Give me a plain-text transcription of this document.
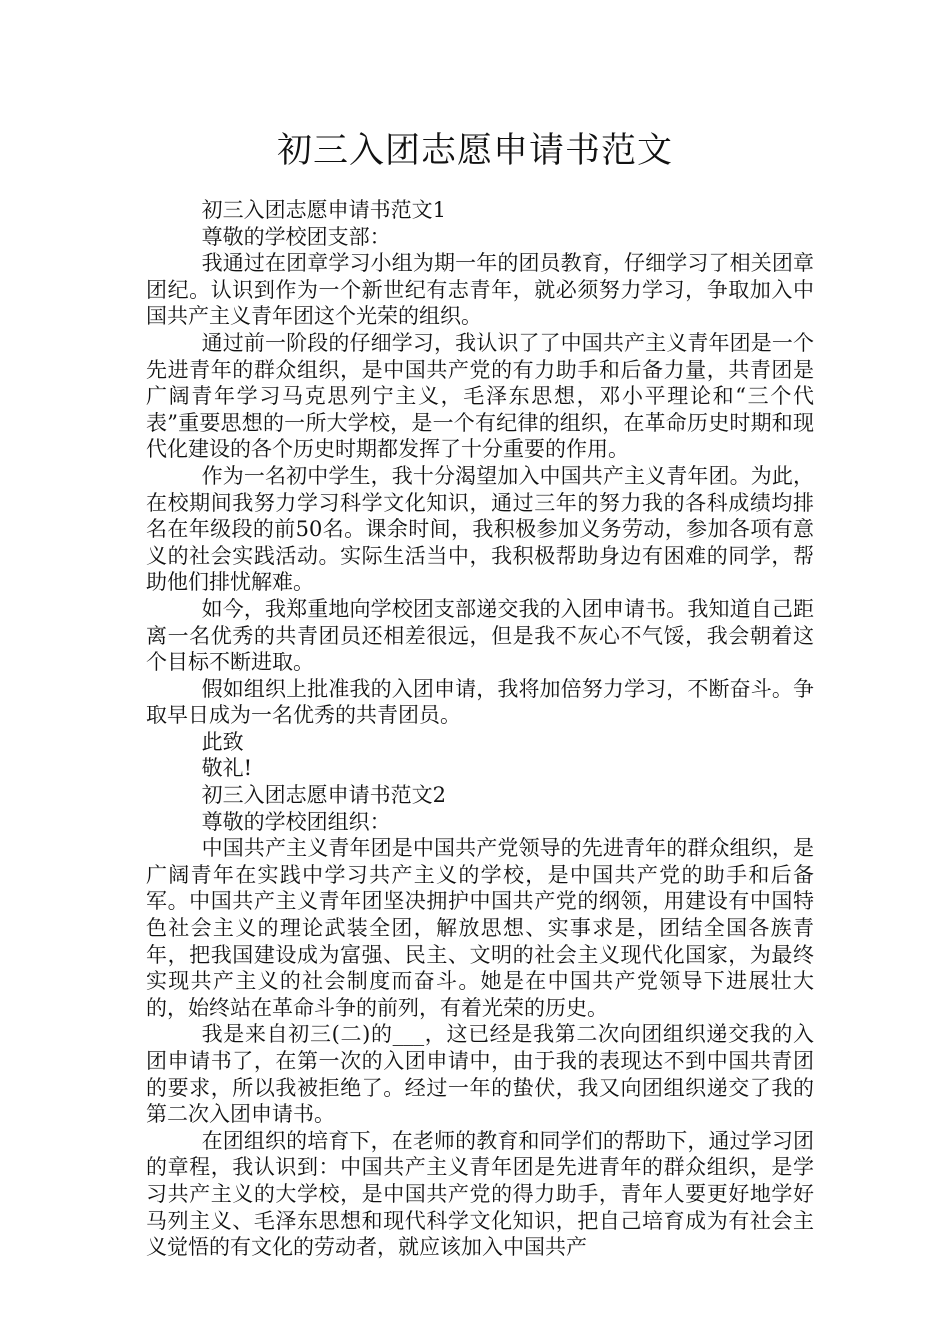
初三入团志愿申请书范文

初三入团志愿申请书范文1

尊敬的学校团支部：

我通过在团章学习小组为期一年的团员教育，仔细学习了相关团章团纪。认识到作为一个新世纪有志青年，就必须努力学习，争取加入中国共产主义青年团这个光荣的组织。

通过前一阶段的仔细学习，我认识了了中国共产主义青年团是一个先进青年的群众组织，是中国共产党的有力助手和后备力量，共青团是广阔青年学习马克思列宁主义，毛泽东思想，邓小平理论和“三个代表”重要思想的一所大学校，是一个有纪律的组织，在革命历史时期和现代化建设的各个历史时期都发挥了十分重要的作用。

作为一名初中学生，我十分渴望加入中国共产主义青年团。为此，在校期间我努力学习科学文化知识，通过三年的努力我的各科成绩均排名在年级段的前50名。课余时间，我积极参加义务劳动，参加各项有意义的社会实践活动。实际生活当中，我积极帮助身边有困难的同学，帮助他们排忧解难。

如今，我郑重地向学校团支部递交我的入团申请书。我知道自己距离一名优秀的共青团员还相差很远，但是我不灰心不气馁，我会朝着这个目标不断进取。

假如组织上批准我的入团申请，我将加倍努力学习，不断奋斗。争取早日成为一名优秀的共青团员。

此致

敬礼!

初三入团志愿申请书范文2

尊敬的学校团组织：

中国共产主义青年团是中国共产党领导的先进青年的群众组织，是广阔青年在实践中学习共产主义的学校，是中国共产党的助手和后备军。中国共产主义青年团坚决拥护中国共产党的纲领，用建设有中国特色社会主义的理论武装全团，解放思想、实事求是，团结全国各族青年，把我国建设成为富强、民主、文明的社会主义现代化国家，为最终实现共产主义的社会制度而奋斗。她是在中国共产党领导下进展壮大的，始终站在革命斗争的前列，有着光荣的历史。

我是来自初三(二)的___，这已经是我第二次向团组织递交我的入团申请书了，在第一次的入团申请中，由于我的表现达不到中国共青团的要求，所以我被拒绝了。经过一年的蛰伏，我又向团组织递交了我的第二次入团申请书。

在团组织的培育下，在老师的教育和同学们的帮助下，通过学习团的章程，我认识到：中国共产主义青年团是先进青年的群众组织，是学习共产主义的大学校，是中国共产党的得力助手，青年人要更好地学好马列主义、毛泽东思想和现代科学文化知识，把自己培育成为有社会主义觉悟的有文化的劳动者，就应该加入中国共产
